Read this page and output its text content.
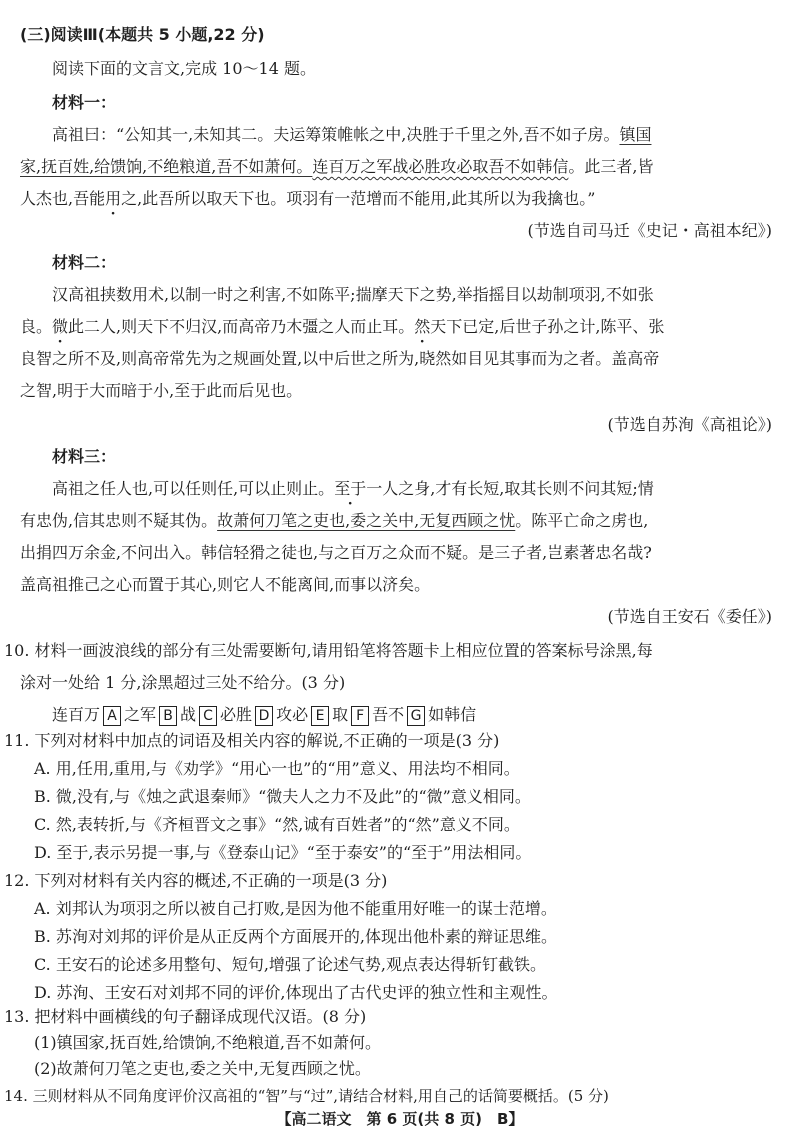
(三)阅读Ⅲ(本题共 5 小题,22 分)
阅读下面的文言文,完成 10～14 题。
材料一：
高祖曰：“公知其一,未知其二。夫运筹策帷帐之中,决胜于千里之外,吾不如子房。镇国
家,抚百姓,给馈饷,不绝粮道,吾不如萧何。连百万之军战必胜攻必取吾不如韩信。此三者,皆
人杰也,吾能用之,此吾所以取天下也。项羽有一范增而不能用,此其所以为我擒也。”
(节选自司马迁《史记・高祖本纪》)
材料二：
汉高祖挟数用术,以制一时之利害,不如陈平;揣摩天下之势,举指摇目以劫制项羽,不如张
良。微此二人,则天下不归汉,而高帝乃木彊之人而止耳。然天下已定,后世子孙之计,陈平、张
良智之所不及,则高帝常先为之规画处置,以中后世之所为,晓然如目见其事而为之者。盖高帝
之智,明于大而暗于小,至于此而后见也。
(节选自苏洵《高祖论》)
材料三：
高祖之任人也,可以任则任,可以止则止。至于一人之身,才有长短,取其长则不问其短;情
有忠伪,信其忠则不疑其伪。故萧何刀笔之吏也,委之关中,无复西顾之忧。陈平亡命之虏也,
出捐四万余金,不问出入。韩信轻猾之徒也,与之百万之众而不疑。是三子者,岂素著忠名哉?
盖高祖推己之心而置于其心,则它人不能离间,而事以济矣。
(节选自王安石《委任》)
10. 材料一画波浪线的部分有三处需要断句,请用铅笔将答题卡上相应位置的答案标号涂黑,每
涂对一处给 1 分,涂黑超过三处不给分。(3 分)
连百万 A 之军 B 战 C 必胜 D 攻必 E 取 F 吾不 G 如韩信
11. 下列对材料中加点的词语及相关内容的解说,不正确的一项是(3 分)
A. 用,任用,重用,与《劝学》“用心一也”的“用”意义、用法均不相同。
B. 微,没有,与《烛之武退秦师》“微夫人之力不及此”的“微”意义相同。
C. 然,表转折,与《齐桓晋文之事》“然,诚有百姓者”的“然”意义不同。
D. 至于,表示另提一事,与《登泰山记》“至于泰安”的“至于”用法相同。
12. 下列对材料有关内容的概述,不正确的一项是(3 分)
A. 刘邦认为项羽之所以被自己打败,是因为他不能重用好唯一的谋士范增。
B. 苏洵对刘邦的评价是从正反两个方面展开的,体现出他朴素的辩证思维。
C. 王安石的论述多用整句、短句,增强了论述气势,观点表达得斩钉截铁。
D. 苏洵、王安石对刘邦不同的评价,体现出了古代史评的独立性和主观性。
【高二语文　第 6 页(共 8 页)　B】
13. 把材料中画横线的句子翻译成现代汉语。(8 分)
(1)镇国家,抚百姓,给馈饷,不绝粮道,吾不如萧何。
(2)故萧何刀笔之吏也,委之关中,无复西顾之忧。
14. 三则材料从不同角度评价汉高祖的“智”与“过”,请结合材料,用自己的话简要概括。(5 分)
